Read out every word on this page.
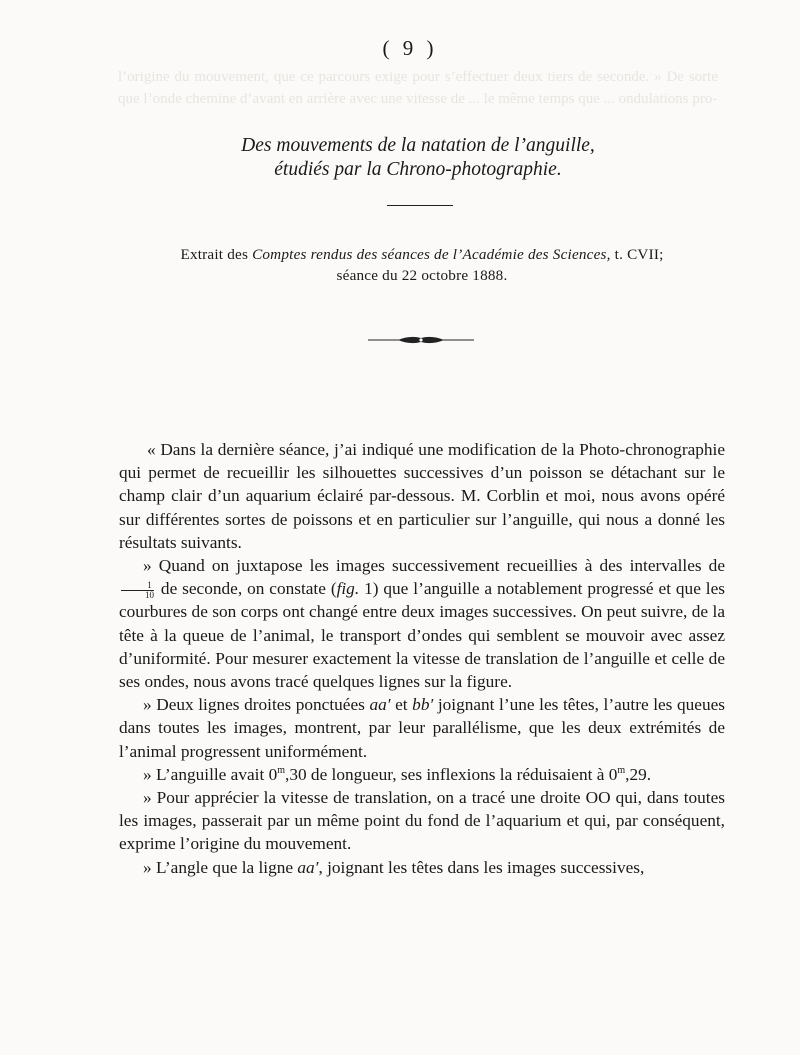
l’origine du mouvement, que ce parcours exige pour s’effectuer deux tiers de seconde. » De sorte que l’onde chemine d’avant en arrière avec une vitesse de ... le même temps que ... ondulations pro-
( 9 )
Des mouvements de la natation de l’anguille,
étudiés par la Chrono-photographie.
Extrait des Comptes rendus des séances de l’Académie des Sciences, t. CVII;
séance du 22 octobre 1888.

« Dans la dernière séance, j’ai indiqué une modification de la Photo-chronographie qui permet de recueillir les silhouettes successives d’un poisson se détachant sur le champ clair d’un aquarium éclairé par-dessous. M. Corblin et moi, nous avons opéré sur différentes sortes de poissons et en particulier sur l’anguille, qui nous a donné les résultats suivants.

» Quand on juxtapose les images successivement recueillies à des intervalles de
$\frac{1}{10}$ de seconde, on constate (fig. 1) que l’anguille a notablement progressé et que les courbures de son corps ont changé entre deux images successives. On peut suivre, de la tête à la queue de l’animal, le transport d’ondes qui semblent se mouvoir avec assez d’uniformité. Pour mesurer exactement la vitesse de translation de l’anguille et celle de ses ondes, nous avons tracé quelques lignes sur la figure.

» Deux lignes droites ponctuées aa′ et bb′ joignant l’une les têtes, l’autre les queues dans toutes les images, montrent, par leur parallélisme, que les deux extrémités de l’animal progressent uniformément.

» L’anguille avait 0$^m$,30 de longueur, ses inflexions la réduisaient à 0$^m$,29.

» Pour apprécier la vitesse de translation, on a tracé une droite OO qui, dans toutes les images, passerait par un même point du fond de l’aquarium et qui, par conséquent, exprime l’origine du mouvement.

» L’angle que la ligne aa′, joignant les têtes dans les images successives,
